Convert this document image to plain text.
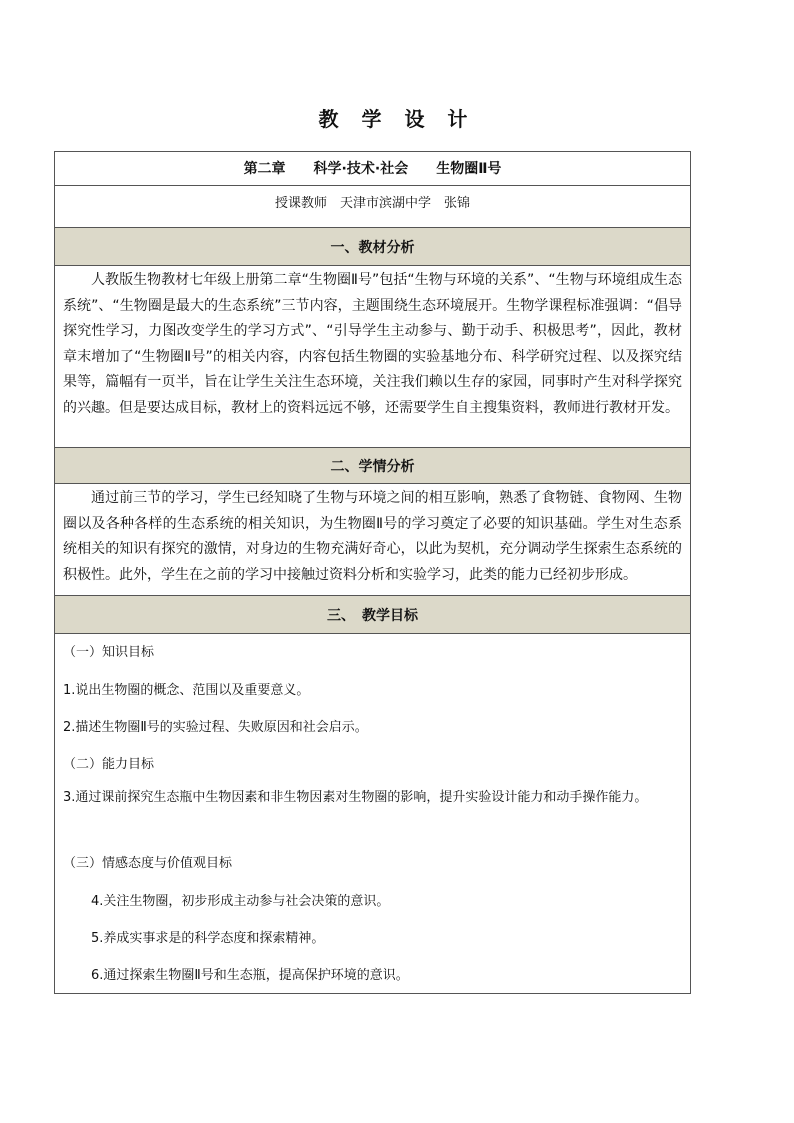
教 学 设 计
第二章　　科学·技术·社会　　生物圈Ⅱ号
授课教师　天津市滨湖中学　张锦
一、教材分析
人教版生物教材七年级上册第二章“生物圈Ⅱ号”包括“生物与环境的关系”、“生物与环境组成生态系统”、“生物圈是最大的生态系统”三节内容，主题围绕生态环境展开。生物学课程标准强调：“倡导探究性学习，力图改变学生的学习方式”、“引导学生主动参与、勤于动手、积极思考”，因此，教材章末增加了“生物圈Ⅱ号”的相关内容，内容包括生物圈的实验基地分布、科学研究过程、以及探究结果等，篇幅有一页半，旨在让学生关注生态环境，关注我们赖以生存的家园，同事时产生对科学探究的兴趣。但是要达成目标，教材上的资料远远不够，还需要学生自主搜集资料，教师进行教材开发。
二、学情分析
通过前三节的学习，学生已经知晓了生物与环境之间的相互影响，熟悉了食物链、食物网、生物圈以及各种各样的生态系统的相关知识，为生物圈Ⅱ号的学习奠定了必要的知识基础。学生对生态系统相关的知识有探究的激情，对身边的生物充满好奇心，以此为契机，充分调动学生探索生态系统的积极性。此外，学生在之前的学习中接触过资料分析和实验学习，此类的能力已经初步形成。
三、　教学目标
（一）知识目标
1.说出生物圈的概念、范围以及重要意义。
2.描述生物圈Ⅱ号的实验过程、失败原因和社会启示。
（二）能力目标
3.通过课前探究生态瓶中生物因素和非生物因素对生物圈的影响，提升实验设计能力和动手操作能力。
（三）情感态度与价值观目标
4.关注生物圈，初步形成主动参与社会决策的意识。
5.养成实事求是的科学态度和探索精神。
6.通过探索生物圈Ⅱ号和生态瓶，提高保护环境的意识。
